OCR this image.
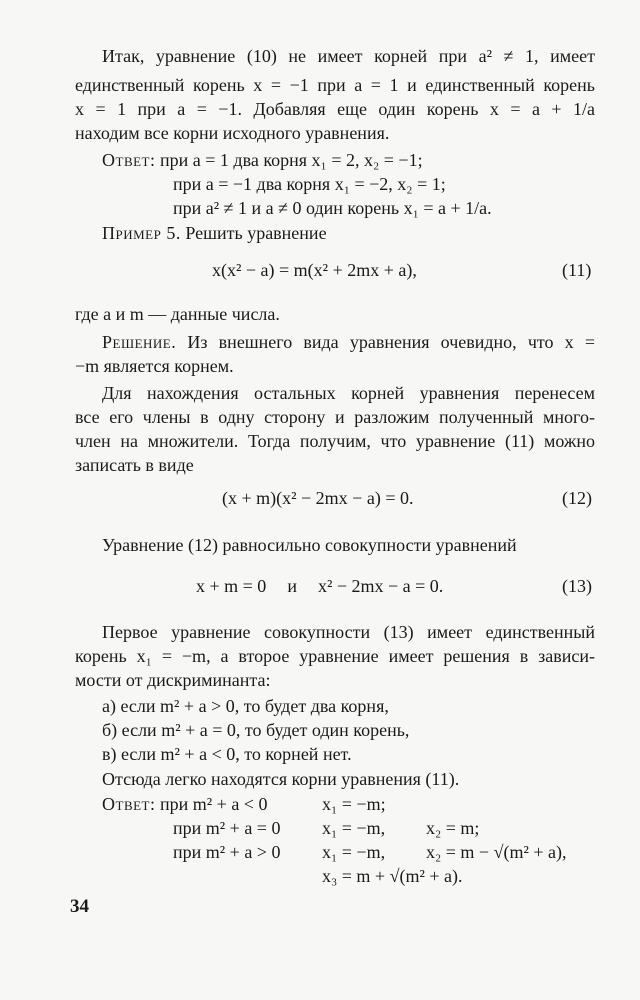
Итак, уравнение (10) не имеет корней при a² ≠ 1, имеет
единственный корень x = −1 при a = 1 и единственный корень
x = 1 при a = −1. Добавляя еще один корень x = a + 1/a
находим все корни исходного уравнения.
Ответ: при a = 1 два корня x₁ = 2, x₂ = −1;
при a = −1 два корня x₁ = −2, x₂ = 1;
при a² ≠ 1 и a ≠ 0 один корень x₁ = a + 1/a.
Пример 5. Решить уравнение
x(x² − a) = m(x² + 2mx + a),	(11)
где a и m — данные числа.
Решение. Из внешнего вида уравнения очевидно, что x =
−m является корнем.
Для нахождения остальных корней уравнения перенесем
все его члены в одну сторону и разложим полученный много-
член на множители. Тогда получим, что уравнение (11) можно
записать в виде
(x + m)(x² − 2mx − a) = 0.	(12)
Уравнение (12) равносильно совокупности уравнений
x + m = 0 и x² − 2mx − a = 0.	(13)
Первое уравнение совокупности (13) имеет единственный
корень x₁ = −m, а второе уравнение имеет решения в зависи-
мости от дискриминанта:
а) если m² + a > 0, то будет два корня,
б) если m² + a = 0, то будет один корень,
в) если m² + a < 0, то корней нет.
Отсюда легко находятся корни уравнения (11).
Ответ: при m² + a < 0	x₁ = −m;
при m² + a = 0 x₁ = −m, x₂ = m;
при m² + a > 0 x₁ = −m, x₂ = m − √(m² + a),
x₃ = m + √(m² + a).
34
